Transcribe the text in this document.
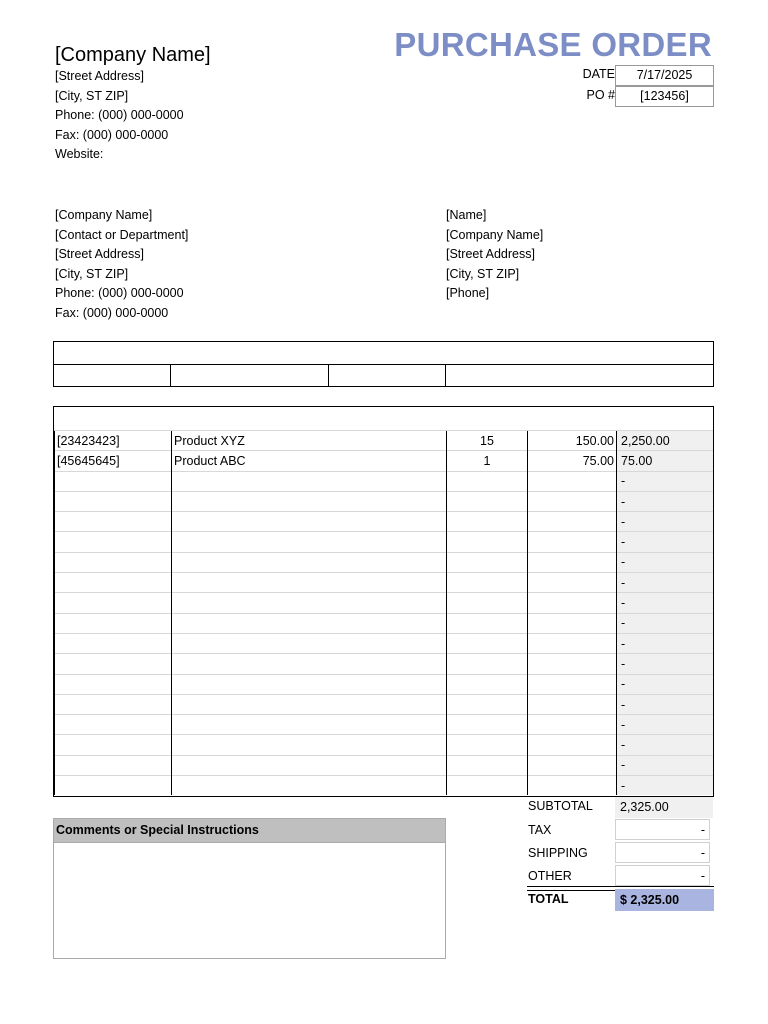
[Company Name]
[Street Address]
[City, ST ZIP]
Phone: (000) 000-0000
Fax: (000) 000-0000
Website:
PURCHASE ORDER
DATE	7/17/2025
PO #	[123456]
[Company Name]
[Contact or Department]
[Street Address]
[City, ST ZIP]
Phone: (000) 000-0000
Fax: (000) 000-0000
[Name]
[Company Name]
[Street Address]
[City, ST ZIP]
[Phone]

[23423423]	Product XYZ	15	150.00	2,250.00
[45645645]	Product ABC	1	75.00	75.00
				-
				-
				-
				-
				-
				-
				-
				-
				-
				-
				-
				-
				-
				-
				-
				-
Comments or Special Instructions
SUBTOTAL	2,325.00
TAX	-
SHIPPING	-
OTHER	-
TOTAL	$ 2,325.00
